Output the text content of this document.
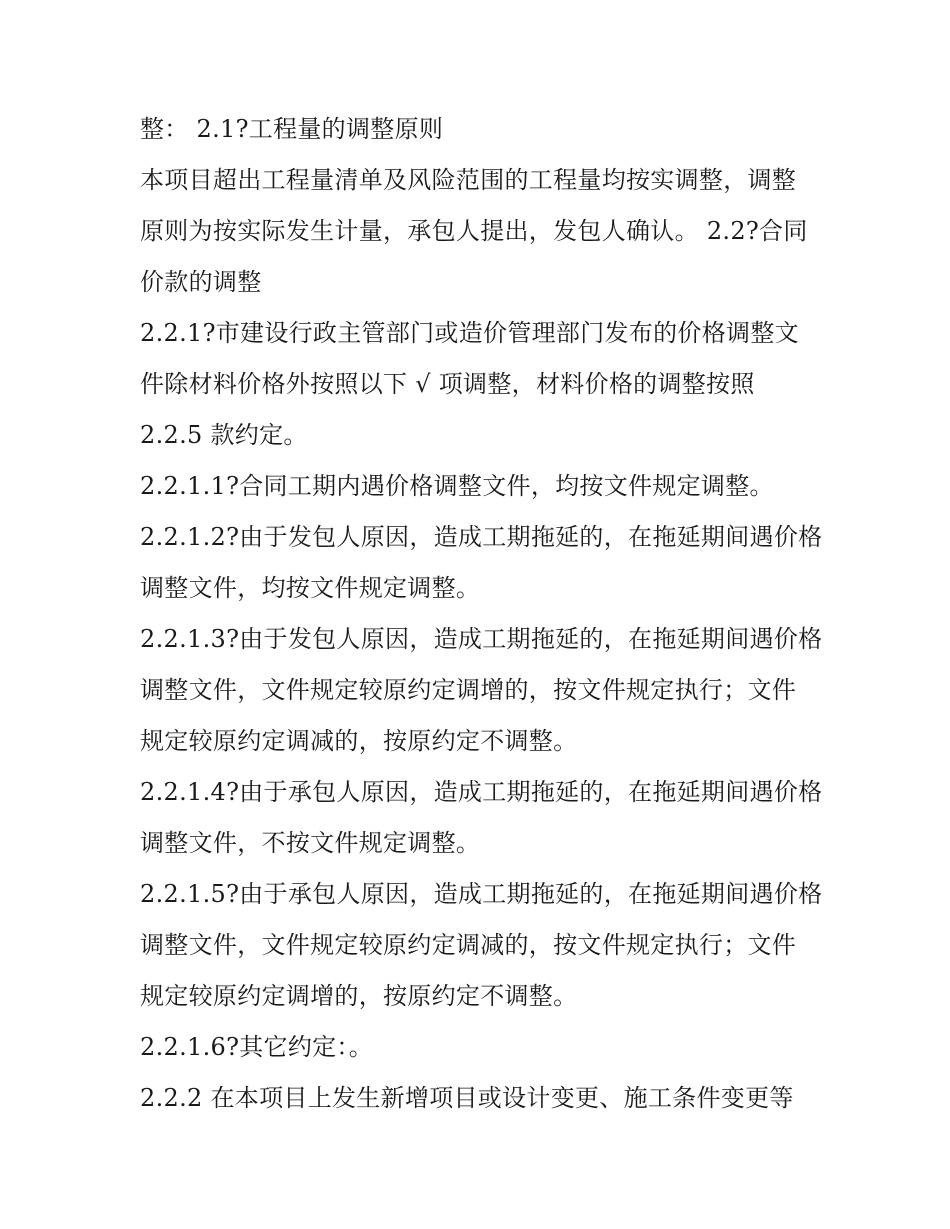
整： 2.1?工程量的调整原则
本项目超出工程量清单及风险范围的工程量均按实调整，调整
原则为按实际发生计量，承包人提出，发包人确认。 2.2?合同
价款的调整
2.2.1?市建设行政主管部门或造价管理部门发布的价格调整文
件除材料价格外按照以下 √ 项调整，材料价格的调整按照
2.2.5 款约定。
2.2.1.1?合同工期内遇价格调整文件，均按文件规定调整。
2.2.1.2?由于发包人原因，造成工期拖延的，在拖延期间遇价格
调整文件，均按文件规定调整。
2.2.1.3?由于发包人原因，造成工期拖延的，在拖延期间遇价格
调整文件，文件规定较原约定调增的，按文件规定执行；文件
规定较原约定调减的，按原约定不调整。
2.2.1.4?由于承包人原因，造成工期拖延的，在拖延期间遇价格
调整文件，不按文件规定调整。
2.2.1.5?由于承包人原因，造成工期拖延的，在拖延期间遇价格
调整文件，文件规定较原约定调减的，按文件规定执行；文件
规定较原约定调增的，按原约定不调整。
2.2.1.6?其它约定：。
2.2.2 在本项目上发生新增项目或设计变更、施工条件变更等
